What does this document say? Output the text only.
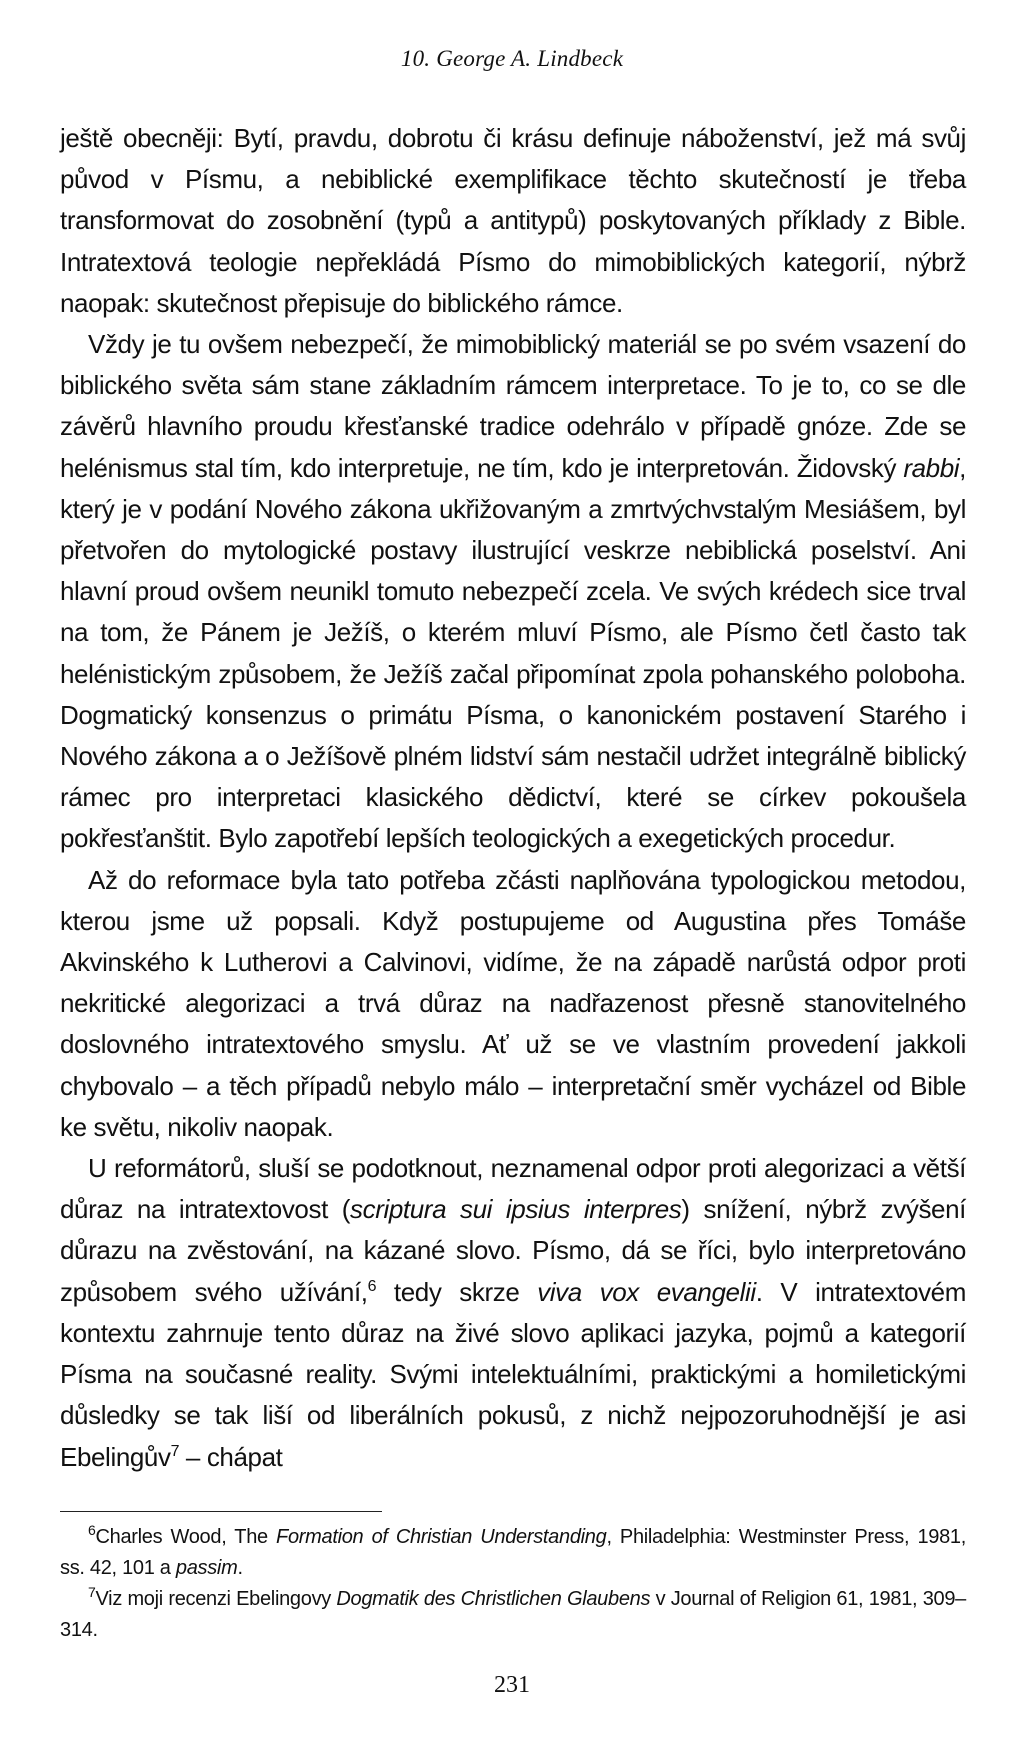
10. George A. Lindbeck

ještě obecněji: Bytí, pravdu, dobrotu či krásu definuje náboženství, jež má svůj původ v Písmu, a nebiblické exemplifikace těchto skutečností je třeba transformovat do zosobnění (typů a antitypů) poskytovaných příklady z Bible. Intratextová teologie nepřekládá Písmo do mimobiblických kategorií, nýbrž naopak: skutečnost přepisuje do biblického rámce.

Vždy je tu ovšem nebezpečí, že mimobiblický materiál se po svém vsazení do biblického světa sám stane základním rámcem interpretace. To je to, co se dle závěrů hlavního proudu křesťanské tradice odehrálo v případě gnóze. Zde se helénismus stal tím, kdo interpretuje, ne tím, kdo je interpretován. Židovský rabbi, který je v podání Nového zákona ukřižovaným a zmrtvýchvstalým Mesiášem, byl přetvořen do mytologické postavy ilustrující veskrze nebiblická poselství. Ani hlavní proud ovšem neunikl tomuto nebezpečí zcela. Ve svých krédech sice trval na tom, že Pánem je Ježíš, o kterém mluví Písmo, ale Písmo četl často tak helénistickým způsobem, že Ježíš začal připomínat zpola pohanského poloboha. Dogmatický konsenzus o primátu Písma, o kanonickém postavení Starého i Nového zákona a o Ježíšově plném lidství sám nestačil udržet integrálně biblický rámec pro interpretaci klasického dědictví, které se církev pokoušela pokřesťanštit. Bylo zapotřebí lepších teologických a exegetických procedur.

Až do reformace byla tato potřeba zčásti naplňována typologickou metodou, kterou jsme už popsali. Když postupujeme od Augustina přes Tomáše Akvinského k Lutherovi a Calvinovi, vidíme, že na západě narůstá odpor proti nekritické alegorizaci a trvá důraz na nadřazenost přesně stanovitelného doslovného intratextového smyslu. Ať už se ve vlastním provedení jakkoli chybovalo – a těch případů nebylo málo – interpretační směr vycházel od Bible ke světu, nikoliv naopak.

U reformátorů, sluší se podotknout, neznamenal odpor proti alegorizaci a větší důraz na intratextovost (scriptura sui ipsius interpres) snížení, nýbrž zvýšení důrazu na zvěstování, na kázané slovo. Písmo, dá se říci, bylo interpretováno způsobem svého užívání,$^6$ tedy skrze viva vox evangelii. V intratextovém kontextu zahrnuje tento důraz na živé slovo aplikaci jazyka, pojmů a kategorií Písma na současné reality. Svými intelektuálními, praktickými a homiletickými důsledky se tak liší od liberálních pokusů, z nichž nejpozoruhodnější je asi Ebelingův$^7$ – chápat

$^6$Charles Wood, The Formation of Christian Understanding, Philadelphia: Westminster Press, 1981, ss. 42, 101 a passim.

$^7$Viz moji recenzi Ebelingovy Dogmatik des Christlichen Glaubens v Journal of Religion 61, 1981, 309–314.

231
